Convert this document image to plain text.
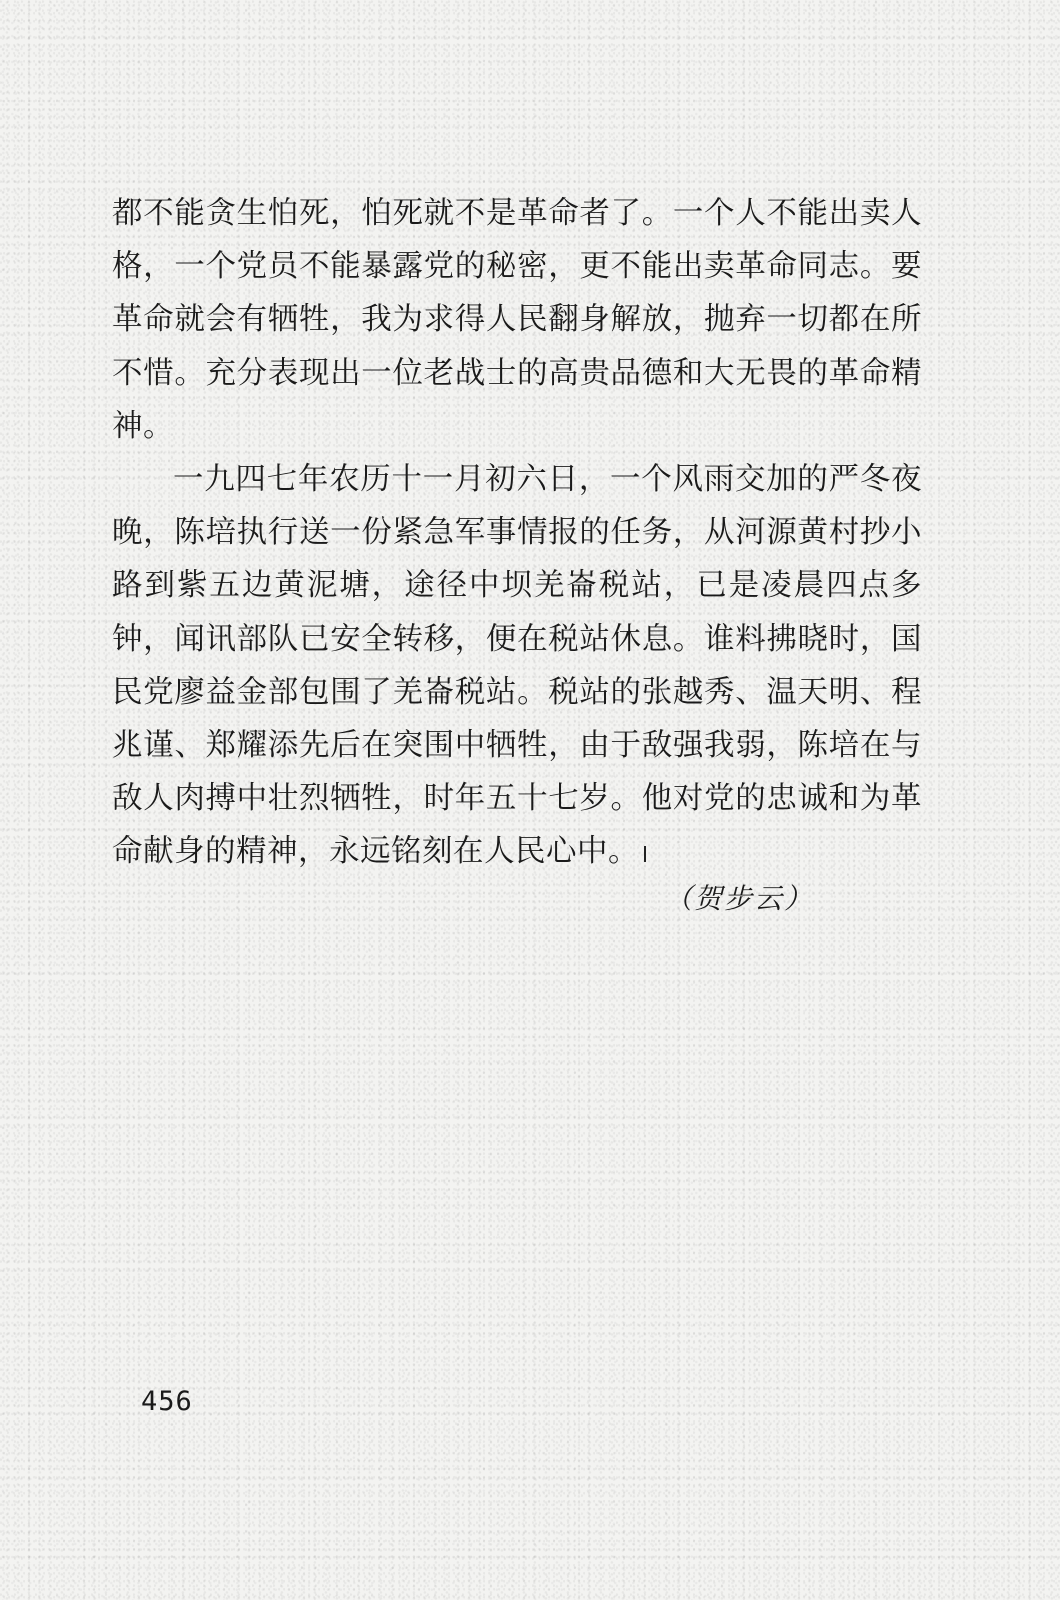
都不能贪生怕死，怕死就不是革命者了。一个人不能出卖人格，一个党员不能暴露党的秘密，更不能出卖革命同志。要革命就会有牺牲，我为求得人民翻身解放，抛弃一切都在所不惜。充分表现出一位老战士的高贵品德和大无畏的革命精神。

一九四七年农历十一月初六日，一个风雨交加的严冬夜晚，陈培执行送一份紧急军事情报的任务，从河源黄村抄小路到紫五边黄泥塘，途径中坝羌崙税站，已是凌晨四点多钟，闻讯部队已安全转移，便在税站休息。谁料拂晓时，国民党廖益金部包围了羌崙税站。税站的张越秀、温天明、程兆谨、郑耀添先后在突围中牺牲，由于敌强我弱，陈培在与敌人肉搏中壮烈牺牲，时年五十七岁。他对党的忠诚和为革命献身的精神，永远铭刻在人民心中。

（贺步云）
456
